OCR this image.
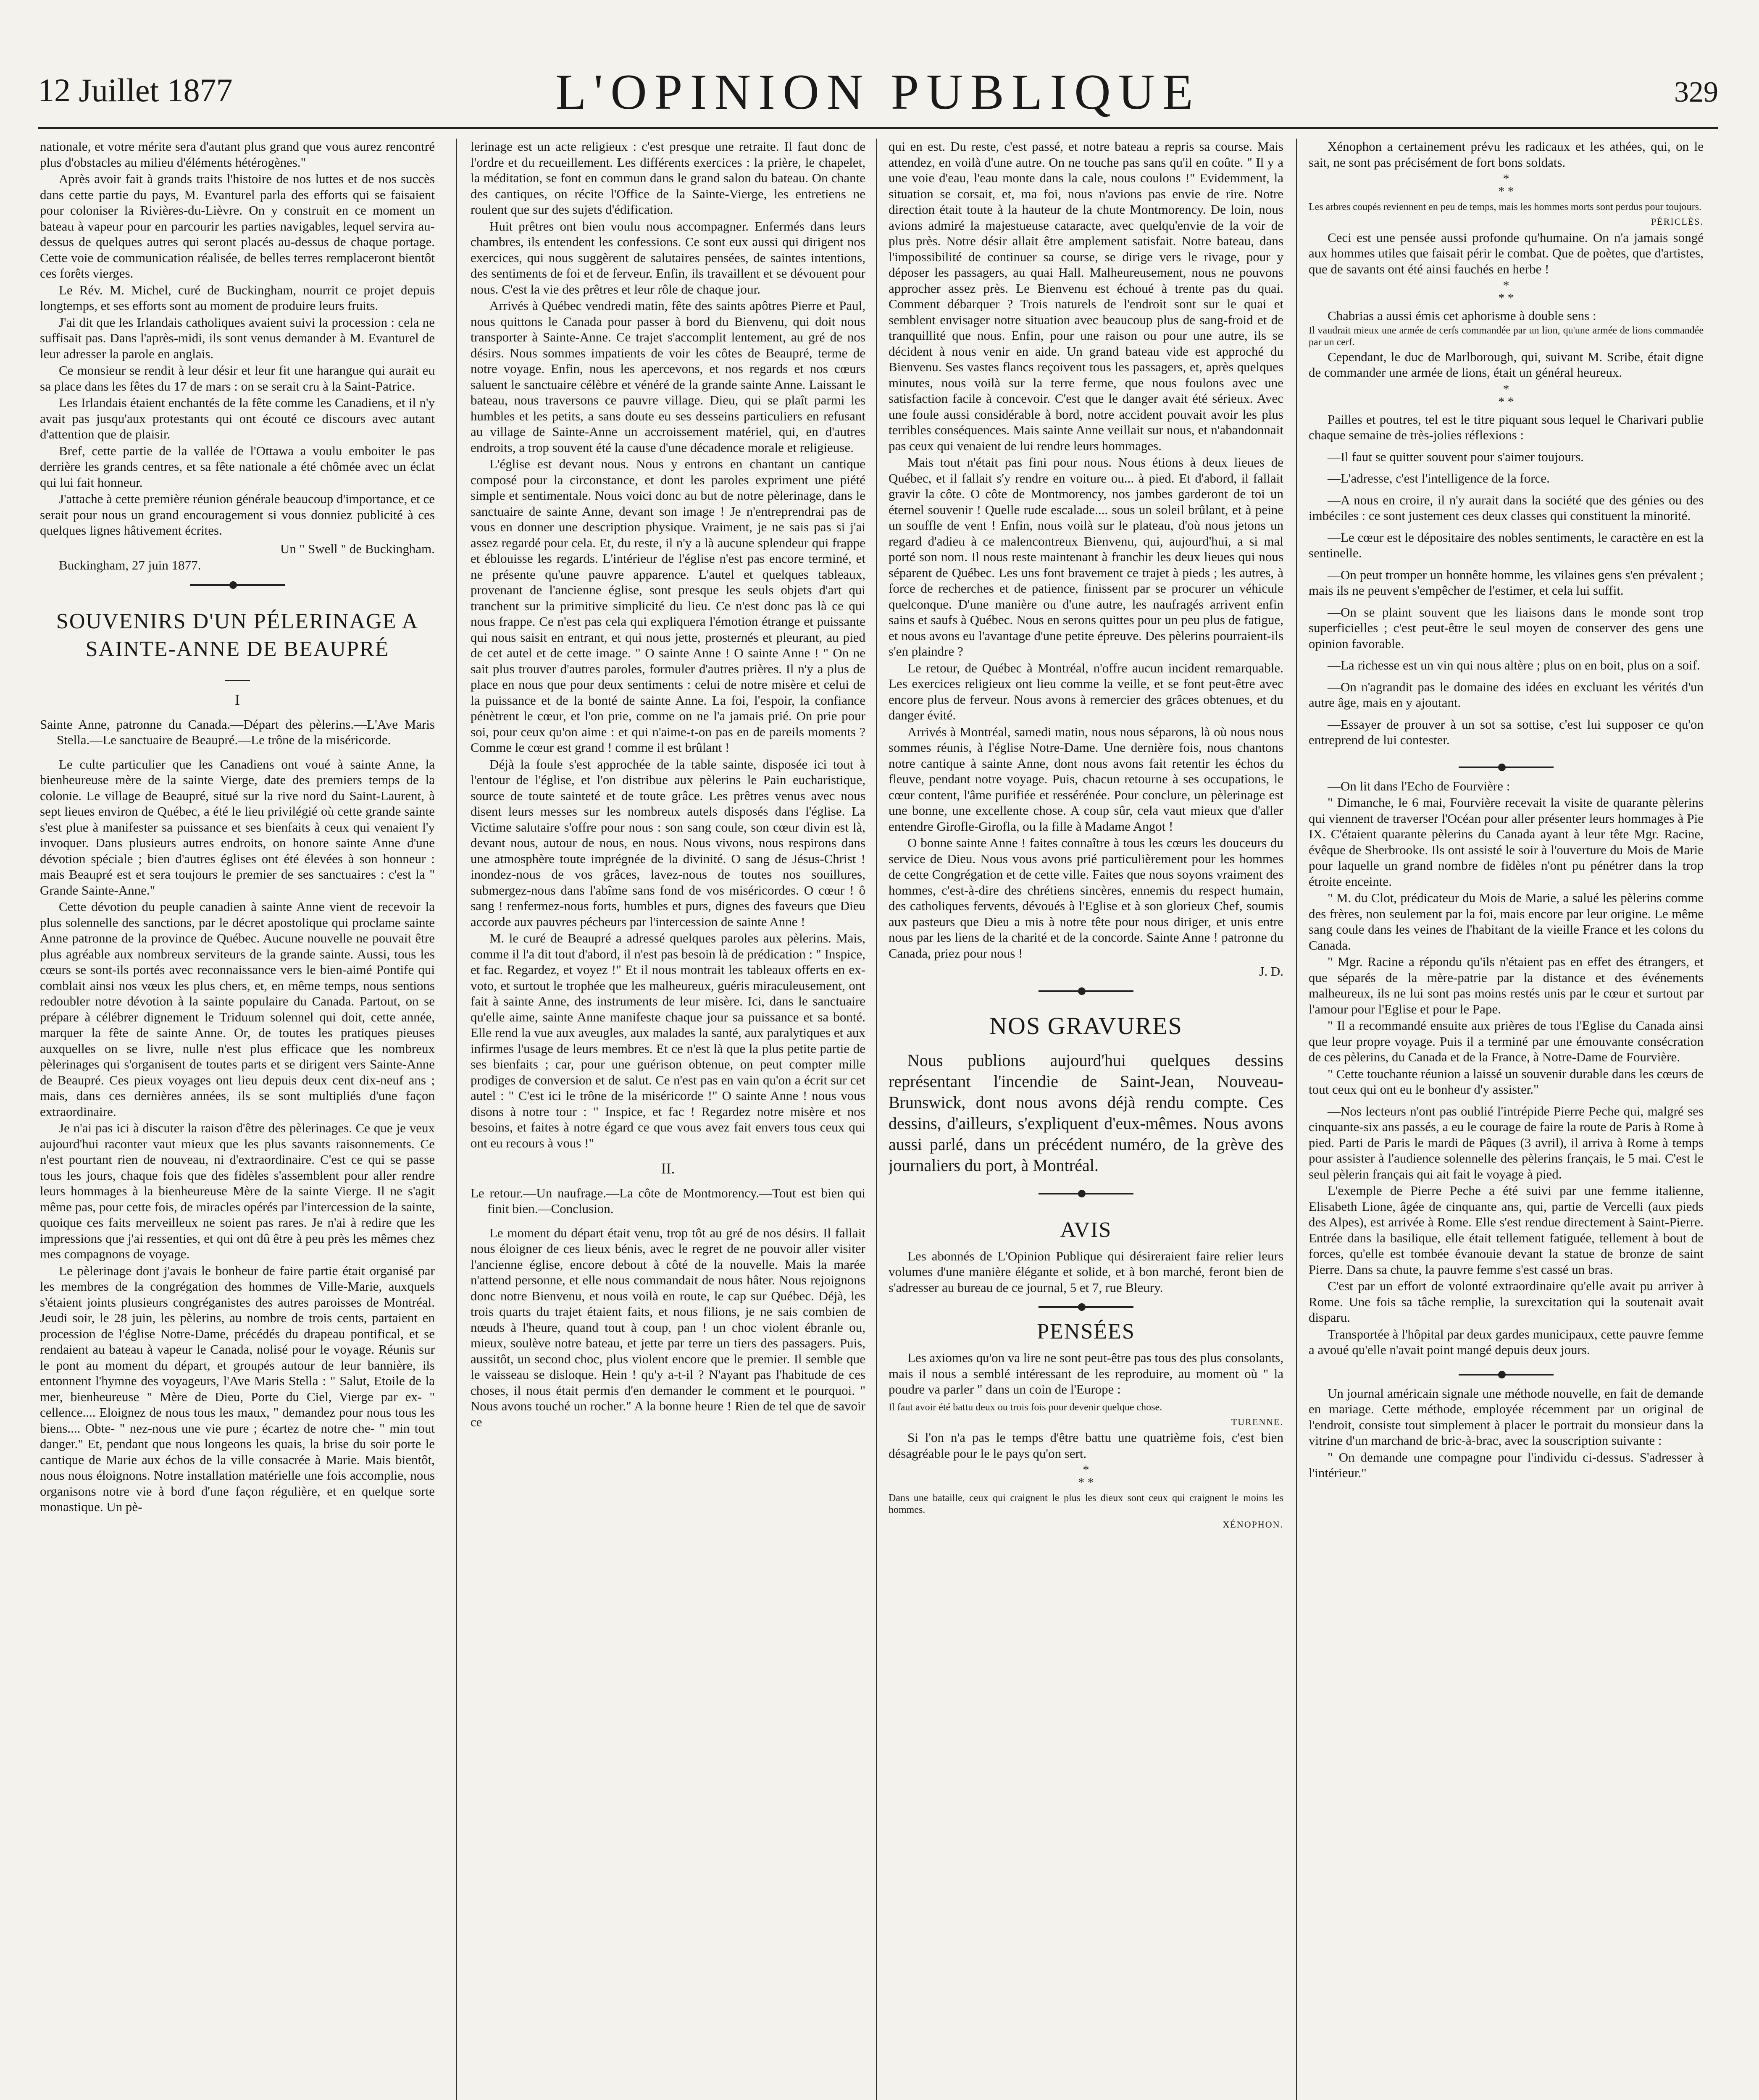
12 Juillet 1877	L'OPINION PUBLIQUE	329

nationale, et votre mérite sera d'autant plus grand que vous aurez rencontré plus d'obstacles au milieu d'éléments hétérogènes."

Après avoir fait à grands traits l'histoire de nos luttes et de nos succès dans cette partie du pays, M. Evanturel parla des efforts qui se faisaient pour coloniser la Rivières-du-Lièvre. On y construit en ce moment un bateau à vapeur pour en parcourir les parties navigables, lequel servira au-dessus de quelques autres qui seront placés au-dessus de chaque portage. Cette voie de communication réalisée, de belles terres remplaceront bientôt ces forêts vierges.

Le Rév. M. Michel, curé de Buckingham, nourrit ce projet depuis longtemps, et ses efforts sont au moment de produire leurs fruits.

J'ai dit que les Irlandais catholiques avaient suivi la procession : cela ne suffisait pas. Dans l'après-midi, ils sont venus demander à M. Evanturel de leur adresser la parole en anglais.

Ce monsieur se rendit à leur désir et leur fit une harangue qui aurait eu sa place dans les fêtes du 17 de mars : on se serait cru à la Saint-Patrice.

Les Irlandais étaient enchantés de la fête comme les Canadiens, et il n'y avait pas jusqu'aux protestants qui ont écouté ce discours avec autant d'attention que de plaisir.

Bref, cette partie de la vallée de l'Ottawa a voulu emboiter le pas derrière les grands centres, et sa fête nationale a été chômée avec un éclat qui lui fait honneur.

J'attache à cette première réunion générale beaucoup d'importance, et ce serait pour nous un grand encouragement si vous donniez publicité à ces quelques lignes hâtivement écrites.

Un " Swell " de Buckingham.

Buckingham, 27 juin 1877.

SOUVENIRS D'UN PÉLERINAGE A SAINTE-ANNE DE BEAUPRÉ
I

Sainte Anne, patronne du Canada.—Départ des pèlerins.—L'Ave Maris Stella.—Le sanctuaire de Beaupré.—Le trône de la miséricorde.

Le culte particulier que les Canadiens ont voué à sainte Anne, la bienheureuse mère de la sainte Vierge, date des premiers temps de la colonie. Le village de Beaupré, situé sur la rive nord du Saint-Laurent, à sept lieues environ de Québec, a été le lieu privilégié où cette grande sainte s'est plue à manifester sa puissance et ses bienfaits à ceux qui venaient l'y invoquer. Dans plusieurs autres endroits, on honore sainte Anne d'une dévotion spéciale ; bien d'autres églises ont été élevées à son honneur : mais Beaupré est et sera toujours le premier de ses sanctuaires : c'est la " Grande Sainte-Anne."

Cette dévotion du peuple canadien à sainte Anne vient de recevoir la plus solennelle des sanctions, par le décret apostolique qui proclame sainte Anne patronne de la province de Québec. Aucune nouvelle ne pouvait être plus agréable aux nombreux serviteurs de la grande sainte. Aussi, tous les cœurs se sont-ils portés avec reconnaissance vers le bien-aimé Pontife qui comblait ainsi nos vœux les plus chers, et, en même temps, nous sentions redoubler notre dévotion à la sainte populaire du Canada. Partout, on se prépare à célébrer dignement le Triduum solennel qui doit, cette année, marquer la fête de sainte Anne. Or, de toutes les pratiques pieuses auxquelles on se livre, nulle n'est plus efficace que les nombreux pèlerinages qui s'organisent de toutes parts et se dirigent vers Sainte-Anne de Beaupré. Ces pieux voyages ont lieu depuis deux cent dix-neuf ans ; mais, dans ces dernières années, ils se sont multipliés d'une façon extraordinaire.

Je n'ai pas ici à discuter la raison d'être des pèlerinages. Ce que je veux aujourd'hui raconter vaut mieux que les plus savants raisonnements. Ce n'est pourtant rien de nouveau, ni d'extraordinaire. C'est ce qui se passe tous les jours, chaque fois que des fidèles s'assemblent pour aller rendre leurs hommages à la bienheureuse Mère de la sainte Vierge. Il ne s'agit même pas, pour cette fois, de miracles opérés par l'intercession de la sainte, quoique ces faits merveilleux ne soient pas rares. Je n'ai à redire que les impressions que j'ai ressenties, et qui ont dû être à peu près les mêmes chez mes compagnons de voyage.

Le pèlerinage dont j'avais le bonheur de faire partie était organisé par les membres de la congrégation des hommes de Ville-Marie, auxquels s'étaient joints plusieurs congréganistes des autres paroisses de Montréal. Jeudi soir, le 28 juin, les pèlerins, au nombre de trois cents, partaient en procession de l'église Notre-Dame, précédés du drapeau pontifical, et se rendaient au bateau à vapeur le Canada, nolisé pour le voyage. Réunis sur le pont au moment du départ, et groupés autour de leur bannière, ils entonnent l'hymne des voyageurs, l'Ave Maris Stella : " Salut, Etoile de la mer, bienheureuse " Mère de Dieu, Porte du Ciel, Vierge par ex- " cellence.... Eloignez de nous tous les maux, " demandez pour nous tous les biens.... Obte- " nez-nous une vie pure ; écartez de notre che- " min tout danger." Et, pendant que nous longeons les quais, la brise du soir porte le cantique de Marie aux échos de la ville consacrée à Marie. Mais bientôt, nous nous éloignons. Notre installation matérielle une fois accomplie, nous organisons notre vie à bord d'une façon régulière, et en quelque sorte monastique. Un pè-

lerinage est un acte religieux : c'est presque une retraite. Il faut donc de l'ordre et du recueillement. Les différents exercices : la prière, le chapelet, la méditation, se font en commun dans le grand salon du bateau. On chante des cantiques, on récite l'Office de la Sainte-Vierge, les entretiens ne roulent que sur des sujets d'édification.

Huit prêtres ont bien voulu nous accompagner. Enfermés dans leurs chambres, ils entendent les confessions. Ce sont eux aussi qui dirigent nos exercices, qui nous suggèrent de salutaires pensées, de saintes intentions, des sentiments de foi et de ferveur. Enfin, ils travaillent et se dévouent pour nous. C'est la vie des prêtres et leur rôle de chaque jour.

Arrivés à Québec vendredi matin, fête des saints apôtres Pierre et Paul, nous quittons le Canada pour passer à bord du Bienvenu, qui doit nous transporter à Sainte-Anne. Ce trajet s'accomplit lentement, au gré de nos désirs. Nous sommes impatients de voir les côtes de Beaupré, terme de notre voyage. Enfin, nous les apercevons, et nos regards et nos cœurs saluent le sanctuaire célèbre et vénéré de la grande sainte Anne. Laissant le bateau, nous traversons ce pauvre village. Dieu, qui se plaît parmi les humbles et les petits, a sans doute eu ses desseins particuliers en refusant au village de Sainte-Anne un accroissement matériel, qui, en d'autres endroits, a trop souvent été la cause d'une décadence morale et religieuse.

L'église est devant nous. Nous y entrons en chantant un cantique composé pour la circonstance, et dont les paroles expriment une piété simple et sentimentale. Nous voici donc au but de notre pèlerinage, dans le sanctuaire de sainte Anne, devant son image ! Je n'entreprendrai pas de vous en donner une description physique. Vraiment, je ne sais pas si j'ai assez regardé pour cela. Et, du reste, il n'y a là aucune splendeur qui frappe et éblouisse les regards. L'intérieur de l'église n'est pas encore terminé, et ne présente qu'une pauvre apparence. L'autel et quelques tableaux, provenant de l'ancienne église, sont presque les seuls objets d'art qui tranchent sur la primitive simplicité du lieu. Ce n'est donc pas là ce qui nous frappe. Ce n'est pas cela qui expliquera l'émotion étrange et puissante qui nous saisit en entrant, et qui nous jette, prosternés et pleurant, au pied de cet autel et de cette image. " O sainte Anne ! O sainte Anne ! " On ne sait plus trouver d'autres paroles, formuler d'autres prières. Il n'y a plus de place en nous que pour deux sentiments : celui de notre misère et celui de la puissance et de la bonté de sainte Anne. La foi, l'espoir, la confiance pénètrent le cœur, et l'on prie, comme on ne l'a jamais prié. On prie pour soi, pour ceux qu'on aime : et qui n'aime-t-on pas en de pareils moments ? Comme le cœur est grand ! comme il est brûlant !

Déjà la foule s'est approchée de la table sainte, disposée ici tout à l'entour de l'église, et l'on distribue aux pèlerins le Pain eucharistique, source de toute sainteté et de toute grâce. Les prêtres venus avec nous disent leurs messes sur les nombreux autels disposés dans l'église. La Victime salutaire s'offre pour nous : son sang coule, son cœur divin est là, devant nous, autour de nous, en nous. Nous vivons, nous respirons dans une atmosphère toute imprégnée de la divinité. O sang de Jésus-Christ ! inondez-nous de vos grâces, lavez-nous de toutes nos souillures, submergez-nous dans l'abîme sans fond de vos miséricordes. O cœur ! ô sang ! renfermez-nous forts, humbles et purs, dignes des faveurs que Dieu accorde aux pauvres pécheurs par l'intercession de sainte Anne !

M. le curé de Beaupré a adressé quelques paroles aux pèlerins. Mais, comme il l'a dit tout d'abord, il n'est pas besoin là de prédication : " Inspice, et fac. Regardez, et voyez !" Et il nous montrait les tableaux offerts en ex-voto, et surtout le trophée que les malheureux, guéris miraculeusement, ont fait à sainte Anne, des instruments de leur misère. Ici, dans le sanctuaire qu'elle aime, sainte Anne manifeste chaque jour sa puissance et sa bonté. Elle rend la vue aux aveugles, aux malades la santé, aux paralytiques et aux infirmes l'usage de leurs membres. Et ce n'est là que la plus petite partie de ses bienfaits ; car, pour une guérison obtenue, on peut compter mille prodiges de conversion et de salut. Ce n'est pas en vain qu'on a écrit sur cet autel : " C'est ici le trône de la miséricorde !" O sainte Anne ! nous vous disons à notre tour : " Inspice, et fac ! Regardez notre misère et nos besoins, et faites à notre égard ce que vous avez fait envers tous ceux qui ont eu recours à vous !"

II.

Le retour.—Un naufrage.—La côte de Montmorency.—Tout est bien qui finit bien.—Conclusion.

Le moment du départ était venu, trop tôt au gré de nos désirs. Il fallait nous éloigner de ces lieux bénis, avec le regret de ne pouvoir aller visiter l'ancienne église, encore debout à côté de la nouvelle. Mais la marée n'attend personne, et elle nous commandait de nous hâter. Nous rejoignons donc notre Bienvenu, et nous voilà en route, le cap sur Québec. Déjà, les trois quarts du trajet étaient faits, et nous filions, je ne sais combien de nœuds à l'heure, quand tout à coup, pan ! un choc violent ébranle ou, mieux, soulève notre bateau, et jette par terre un tiers des passagers. Puis, aussitôt, un second choc, plus violent encore que le premier. Il semble que le vaisseau se disloque. Hein ! qu'y a-t-il ? N'ayant pas l'habitude de ces choses, il nous était permis d'en demander le comment et le pourquoi. " Nous avons touché un rocher." A la bonne heure ! Rien de tel que de savoir ce

qui en est. Du reste, c'est passé, et notre bateau a repris sa course. Mais attendez, en voilà d'une autre. On ne touche pas sans qu'il en coûte. " Il y a une voie d'eau, l'eau monte dans la cale, nous coulons !" Evidemment, la situation se corsait, et, ma foi, nous n'avions pas envie de rire. Notre direction était toute à la hauteur de la chute Montmorency. De loin, nous avions admiré la majestueuse cataracte, avec quelqu'envie de la voir de plus près. Notre désir allait être amplement satisfait. Notre bateau, dans l'impossibilité de continuer sa course, se dirige vers le rivage, pour y déposer les passagers, au quai Hall. Malheureusement, nous ne pouvons approcher assez près. Le Bienvenu est échoué à trente pas du quai. Comment débarquer ? Trois naturels de l'endroit sont sur le quai et semblent envisager notre situation avec beaucoup plus de sang-froid et de tranquillité que nous. Enfin, pour une raison ou pour une autre, ils se décident à nous venir en aide. Un grand bateau vide est approché du Bienvenu. Ses vastes flancs reçoivent tous les passagers, et, après quelques minutes, nous voilà sur la terre ferme, que nous foulons avec une satisfaction facile à concevoir. C'est que le danger avait été sérieux. Avec une foule aussi considérable à bord, notre accident pouvait avoir les plus terribles conséquences. Mais sainte Anne veillait sur nous, et n'abandonnait pas ceux qui venaient de lui rendre leurs hommages.

Mais tout n'était pas fini pour nous. Nous étions à deux lieues de Québec, et il fallait s'y rendre en voiture ou... à pied. Et d'abord, il fallait gravir la côte. O côte de Montmorency, nos jambes garderont de toi un éternel souvenir ! Quelle rude escalade.... sous un soleil brûlant, et à peine un souffle de vent ! Enfin, nous voilà sur le plateau, d'où nous jetons un regard d'adieu à ce malencontreux Bienvenu, qui, aujourd'hui, a si mal porté son nom. Il nous reste maintenant à franchir les deux lieues qui nous séparent de Québec. Les uns font bravement ce trajet à pieds ; les autres, à force de recherches et de patience, finissent par se procurer un véhicule quelconque. D'une manière ou d'une autre, les naufragés arrivent enfin sains et saufs à Québec. Nous en serons quittes pour un peu plus de fatigue, et nous avons eu l'avantage d'une petite épreuve. Des pèlerins pourraient-ils s'en plaindre ?

Le retour, de Québec à Montréal, n'offre aucun incident remarquable. Les exercices religieux ont lieu comme la veille, et se font peut-être avec encore plus de ferveur. Nous avons à remercier des grâces obtenues, et du danger évité.

Arrivés à Montréal, samedi matin, nous nous séparons, là où nous nous sommes réunis, à l'église Notre-Dame. Une dernière fois, nous chantons notre cantique à sainte Anne, dont nous avons fait retentir les échos du fleuve, pendant notre voyage. Puis, chacun retourne à ses occupations, le cœur content, l'âme purifiée et ressérénée. Pour conclure, un pèlerinage est une bonne, une excellente chose. A coup sûr, cela vaut mieux que d'aller entendre Girofle-Girofla, ou la fille à Madame Angot !

O bonne sainte Anne ! faites connaître à tous les cœurs les douceurs du service de Dieu. Nous vous avons prié particulièrement pour les hommes de cette Congrégation et de cette ville. Faites que nous soyons vraiment des hommes, c'est-à-dire des chrétiens sincères, ennemis du respect humain, des catholiques fervents, dévoués à l'Eglise et à son glorieux Chef, soumis aux pasteurs que Dieu a mis à notre tête pour nous diriger, et unis entre nous par les liens de la charité et de la concorde. Sainte Anne ! patronne du Canada, priez pour nous !

J. D.
NOS GRAVURES

Nous publions aujourd'hui quelques dessins représentant l'incendie de Saint-Jean, Nouveau-Brunswick, dont nous avons déjà rendu compte. Ces dessins, d'ailleurs, s'expliquent d'eux-mêmes. Nous avons aussi parlé, dans un précédent numéro, de la grève des journaliers du port, à Montréal.

AVIS

Les abonnés de L'Opinion Publique qui désireraient faire relier leurs volumes d'une manière élégante et solide, et à bon marché, feront bien de s'adresser au bureau de ce journal, 5 et 7, rue Bleury.

PENSÉES

Les axiomes qu'on va lire ne sont peut-être pas tous des plus consolants, mais il nous a semblé intéressant de les reproduire, au moment où " la poudre va parler " dans un coin de l'Europe :

Il faut avoir été battu deux ou trois fois pour devenir quelque chose.

TURENNE.

Si l'on n'a pas le temps d'être battu une quatrième fois, c'est bien désagréable pour le le pays qu'on sert.

*
* *

Dans une bataille, ceux qui craignent le plus les dieux sont ceux qui craignent le moins les hommes.

XÉNOPHON.

Xénophon a certainement prévu les radicaux et les athées, qui, on le sait, ne sont pas précisément de fort bons soldats.

*
* *

Les arbres coupés reviennent en peu de temps, mais les hommes morts sont perdus pour toujours.

PÉRICLÈS.

Ceci est une pensée aussi profonde qu'humaine. On n'a jamais songé aux hommes utiles que faisait périr le combat. Que de poètes, que d'artistes, que de savants ont été ainsi fauchés en herbe !

*
* *

Chabrias a aussi émis cet aphorisme à double sens :

Il vaudrait mieux une armée de cerfs commandée par un lion, qu'une armée de lions commandée par un cerf.

Cependant, le duc de Marlborough, qui, suivant M. Scribe, était digne de commander une armée de lions, était un général heureux.

*
* *

Pailles et poutres, tel est le titre piquant sous lequel le Charivari publie chaque semaine de très-jolies réflexions :

—Il faut se quitter souvent pour s'aimer toujours.

—L'adresse, c'est l'intelligence de la force.

—A nous en croire, il n'y aurait dans la société que des génies ou des imbéciles : ce sont justement ces deux classes qui constituent la minorité.

—Le cœur est le dépositaire des nobles sentiments, le caractère en est la sentinelle.

—On peut tromper un honnête homme, les vilaines gens s'en prévalent ; mais ils ne peuvent s'empêcher de l'estimer, et cela lui suffit.

—On se plaint souvent que les liaisons dans le monde sont trop superficielles ; c'est peut-être le seul moyen de conserver des gens une opinion favorable.

—La richesse est un vin qui nous altère ; plus on en boit, plus on a soif.

—On n'agrandit pas le domaine des idées en excluant les vérités d'un autre âge, mais en y ajoutant.

—Essayer de prouver à un sot sa sottise, c'est lui supposer ce qu'on entreprend de lui contester.

—On lit dans l'Echo de Fourvière :

" Dimanche, le 6 mai, Fourvière recevait la visite de quarante pèlerins qui viennent de traverser l'Océan pour aller présenter leurs hommages à Pie IX. C'étaient quarante pèlerins du Canada ayant à leur tête Mgr. Racine, évêque de Sherbrooke. Ils ont assisté le soir à l'ouverture du Mois de Marie pour laquelle un grand nombre de fidèles n'ont pu pénétrer dans la trop étroite enceinte.

" M. du Clot, prédicateur du Mois de Marie, a salué les pèlerins comme des frères, non seulement par la foi, mais encore par leur origine. Le même sang coule dans les veines de l'habitant de la vieille France et les colons du Canada.

" Mgr. Racine a répondu qu'ils n'étaient pas en effet des étrangers, et que séparés de la mère-patrie par la distance et des événements malheureux, ils ne lui sont pas moins restés unis par le cœur et surtout par l'amour pour l'Eglise et pour le Pape.

" Il a recommandé ensuite aux prières de tous l'Eglise du Canada ainsi que leur propre voyage. Puis il a terminé par une émouvante consécration de ces pèlerins, du Canada et de la France, à Notre-Dame de Fourvière.

" Cette touchante réunion a laissé un souvenir durable dans les cœurs de tout ceux qui ont eu le bonheur d'y assister."

—Nos lecteurs n'ont pas oublié l'intrépide Pierre Peche qui, malgré ses cinquante-six ans passés, a eu le courage de faire la route de Paris à Rome à pied. Parti de Paris le mardi de Pâques (3 avril), il arriva à Rome à temps pour assister à l'audience solennelle des pèlerins français, le 5 mai. C'est le seul pèlerin français qui ait fait le voyage à pied.

L'exemple de Pierre Peche a été suivi par une femme italienne, Elisabeth Lione, âgée de cinquante ans, qui, partie de Vercelli (aux pieds des Alpes), est arrivée à Rome. Elle s'est rendue directement à Saint-Pierre. Entrée dans la basilique, elle était tellement fatiguée, tellement à bout de forces, qu'elle est tombée évanouie devant la statue de bronze de saint Pierre. Dans sa chute, la pauvre femme s'est cassé un bras.

C'est par un effort de volonté extraordinaire qu'elle avait pu arriver à Rome. Une fois sa tâche remplie, la surexcitation qui la soutenait avait disparu.

Transportée à l'hôpital par deux gardes municipaux, cette pauvre femme a avoué qu'elle n'avait point mangé depuis deux jours.

Un journal américain signale une méthode nouvelle, en fait de demande en mariage. Cette méthode, employée récemment par un original de l'endroit, consiste tout simplement à placer le portrait du monsieur dans la vitrine d'un marchand de bric-à-brac, avec la souscription suivante :

" On demande une compagne pour l'individu ci-dessus. S'adresser à l'intérieur."
